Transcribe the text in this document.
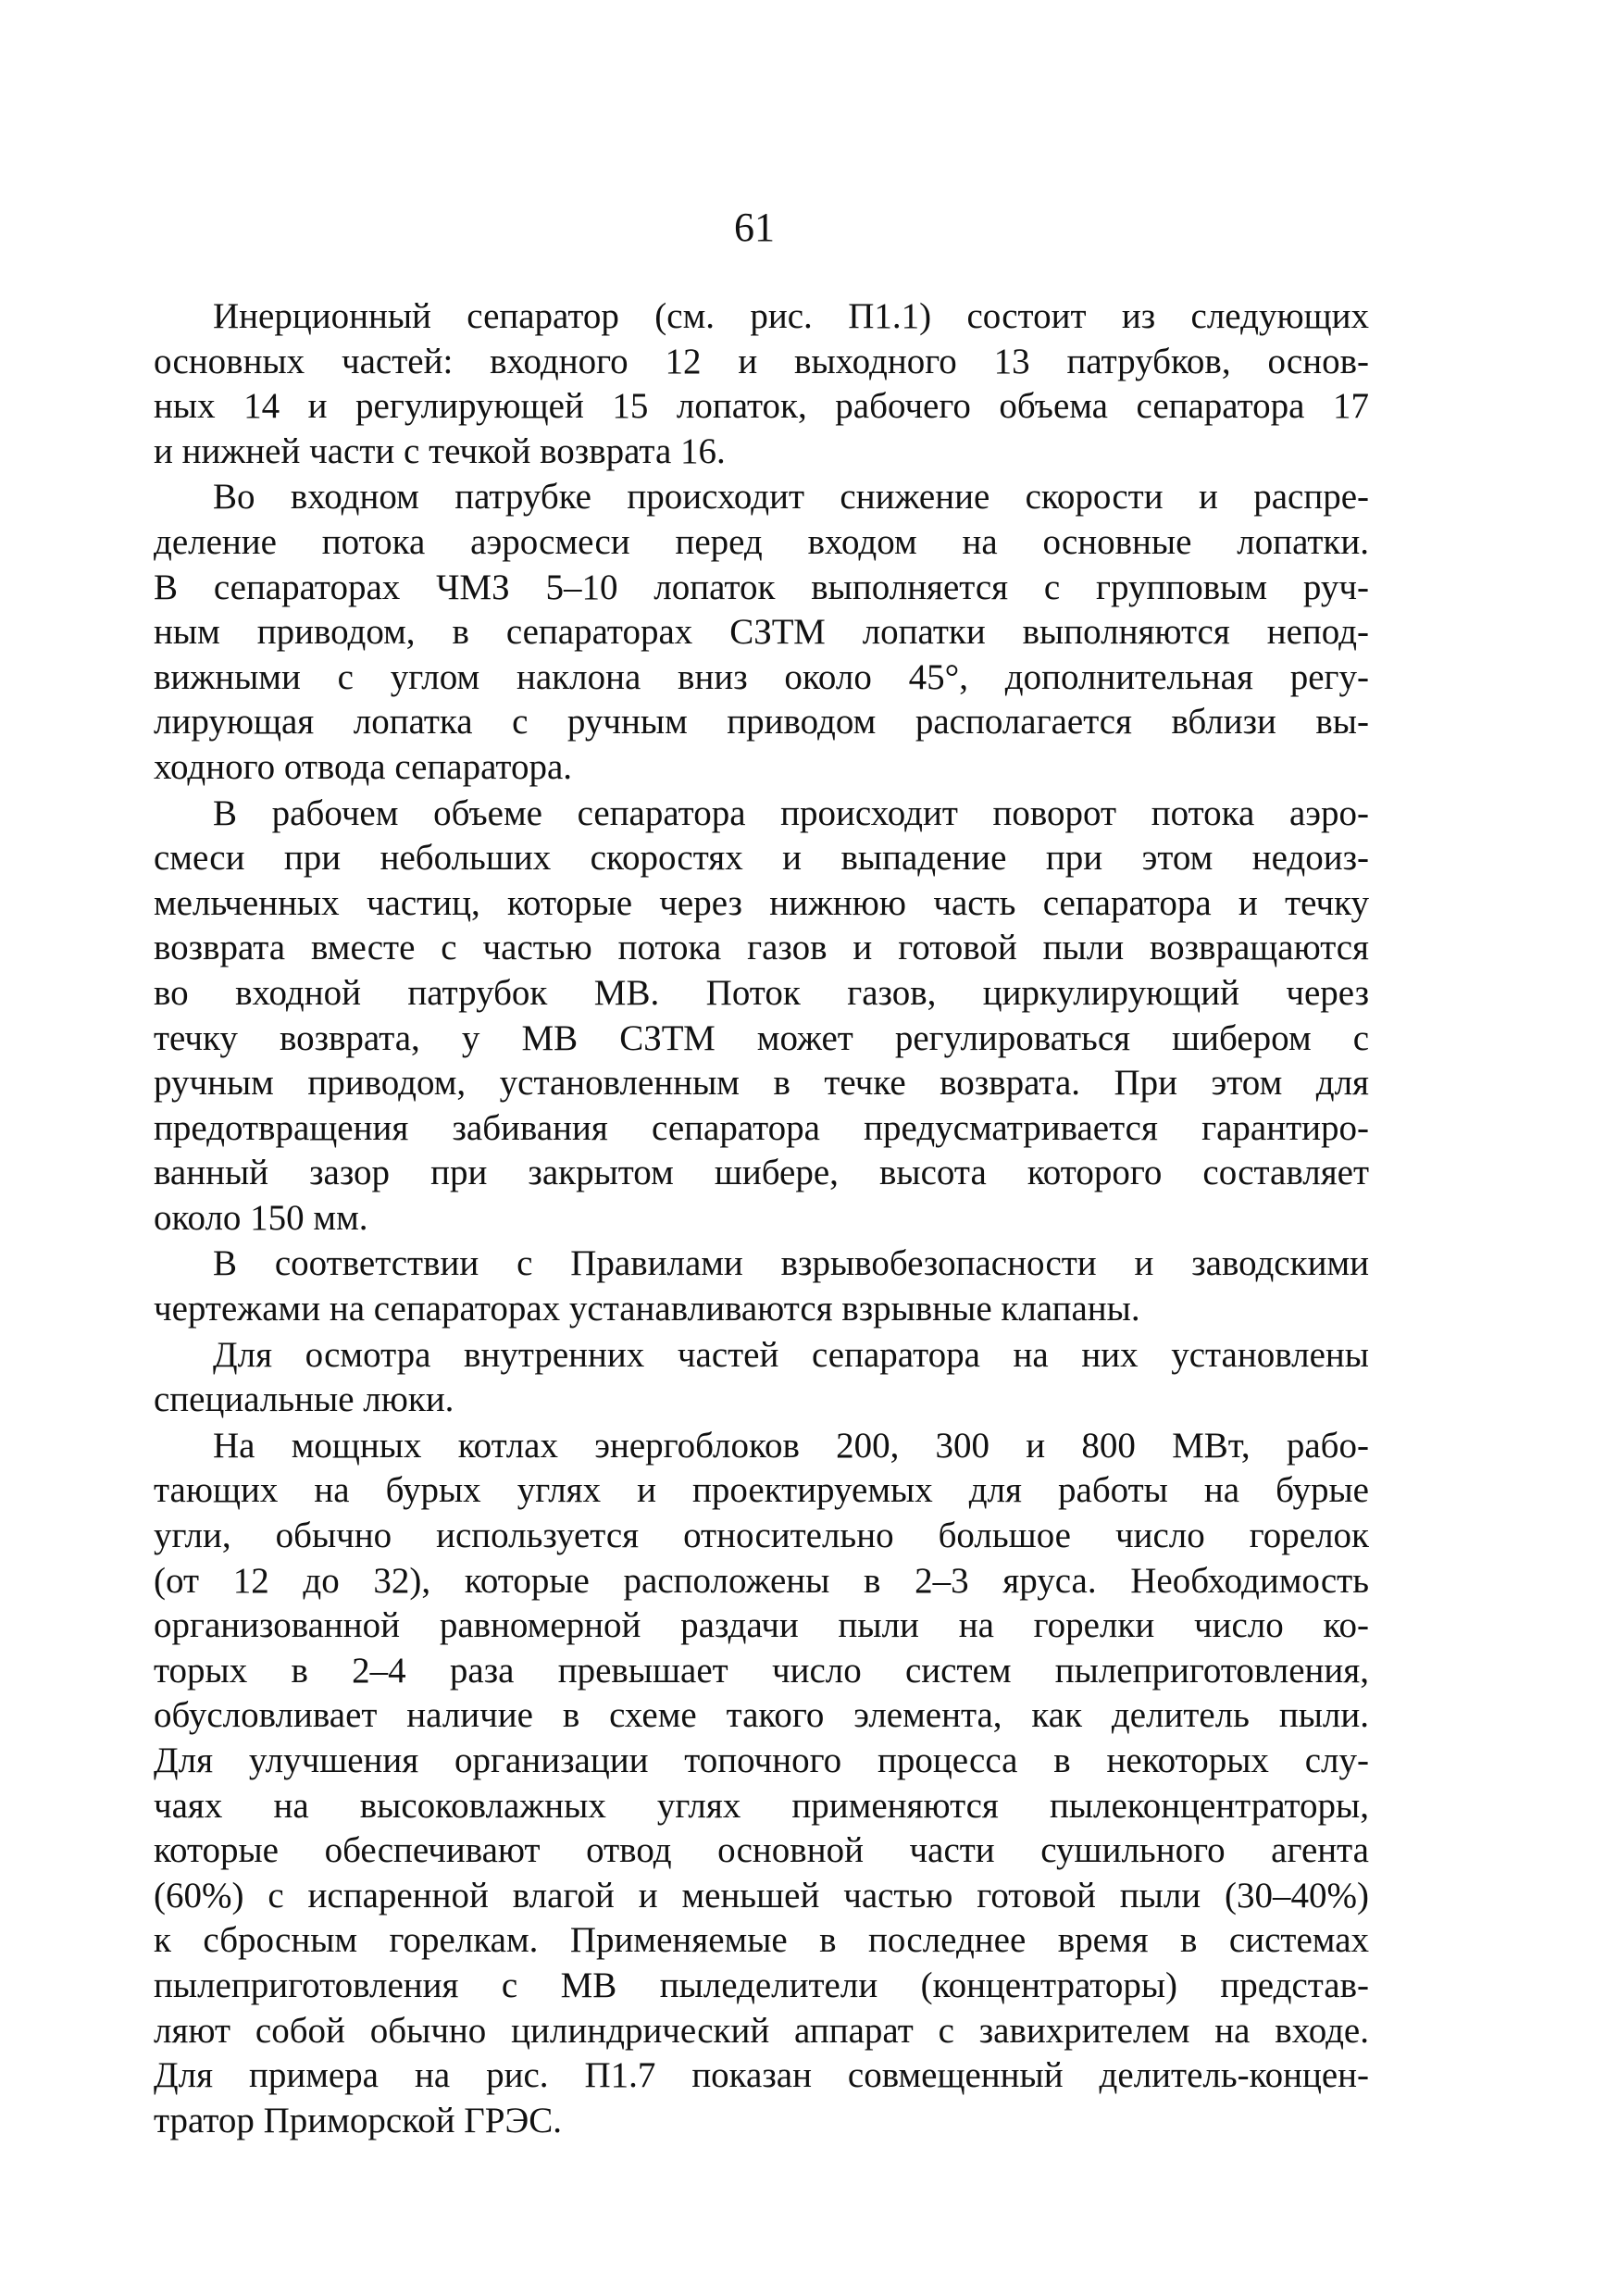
61
Инерционный сепаратор (см. рис. П1.1) состоит из следующих
основных частей: входного 12 и выходного 13 патрубков, основ-
ных 14 и регулирующей 15 лопаток, рабочего объема сепаратора 17
и нижней части с течкой возврата 16.
Во входном патрубке происходит снижение скорости и распре-
деление потока аэросмеси перед входом на основные лопатки.
В сепараторах ЧМЗ 5–10 лопаток выполняется с групповым руч-
ным приводом, в сепараторах СЗТМ лопатки выполняются непод-
вижными с углом наклона вниз около 45°, дополнительная регу-
лирующая лопатка с ручным приводом располагается вблизи вы-
ходного отвода сепаратора.
В рабочем объеме сепаратора происходит поворот потока аэро-
смеси при небольших скоростях и выпадение при этом недоиз-
мельченных частиц, которые через нижнюю часть сепаратора и течку
возврата вместе с частью потока газов и готовой пыли возвращаются
во входной патрубок МВ. Поток газов, циркулирующий через
течку возврата, у МВ СЗТМ может регулироваться шибером с
ручным приводом, установленным в течке возврата. При этом для
предотвращения забивания сепаратора предусматривается гарантиро-
ванный зазор при закрытом шибере, высота которого составляет
около 150 мм.
В соответствии с Правилами взрывобезопасности и заводскими
чертежами на сепараторах устанавливаются взрывные клапаны.
Для осмотра внутренних частей сепаратора на них установлены
специальные люки.
На мощных котлах энергоблоков 200, 300 и 800 МВт, рабо-
тающих на бурых углях и проектируемых для работы на бурые
угли, обычно используется относительно большое число горелок
(от 12 до 32), которые расположены в 2–3 яруса. Необходимость
организованной равномерной раздачи пыли на горелки число ко-
торых в 2–4 раза превышает число систем пылеприготовления,
обусловливает наличие в схеме такого элемента, как делитель пыли.
Для улучшения организации топочного процесса в некоторых слу-
чаях на высоковлажных углях применяются пылеконцентраторы,
которые обеспечивают отвод основной части сушильного агента
(60%) с испаренной влагой и меньшей частью готовой пыли (30–40%)
к сбросным горелкам. Применяемые в последнее время в системах
пылеприготовления с МВ пыледелители (концентраторы) представ-
ляют собой обычно цилиндрический аппарат с завихрителем на входе.
Для примера на рис. П1.7 показан совмещенный делитель-концен-
тратор Приморской ГРЭС.
